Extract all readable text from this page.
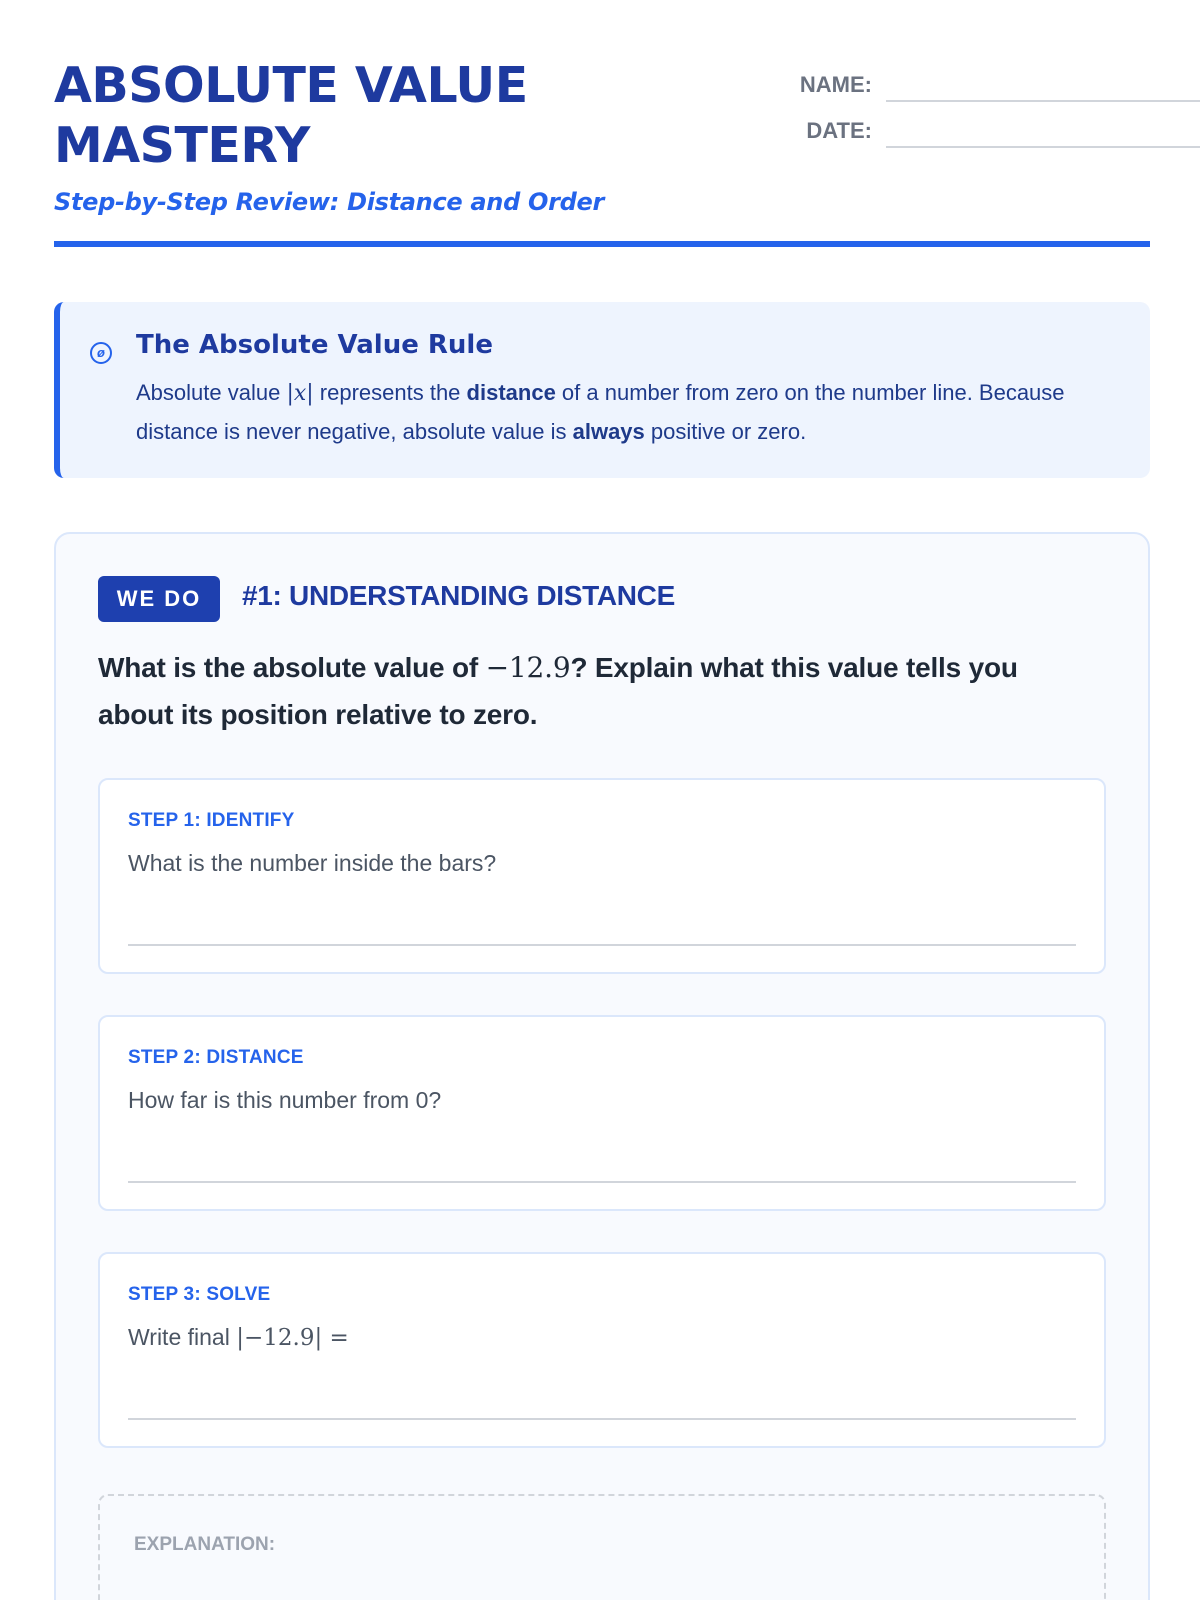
ABSOLUTE VALUE MASTERY
Step-by-Step Review: Distance and Order
NAME:
DATE:
ø The Absolute Value Rule
Absolute value |x| represents the distance of a number from zero on the number line. Because distance is never negative, absolute value is always positive or zero.
WE DO	#1: UNDERSTANDING DISTANCE
What is the absolute value of −12.9? Explain what this value tells you about its position relative to zero.
STEP 1: IDENTIFY
What is the number inside the bars?
STEP 2: DISTANCE
How far is this number from 0?
STEP 3: SOLVE
Write final |−12.9| =
EXPLANATION:
